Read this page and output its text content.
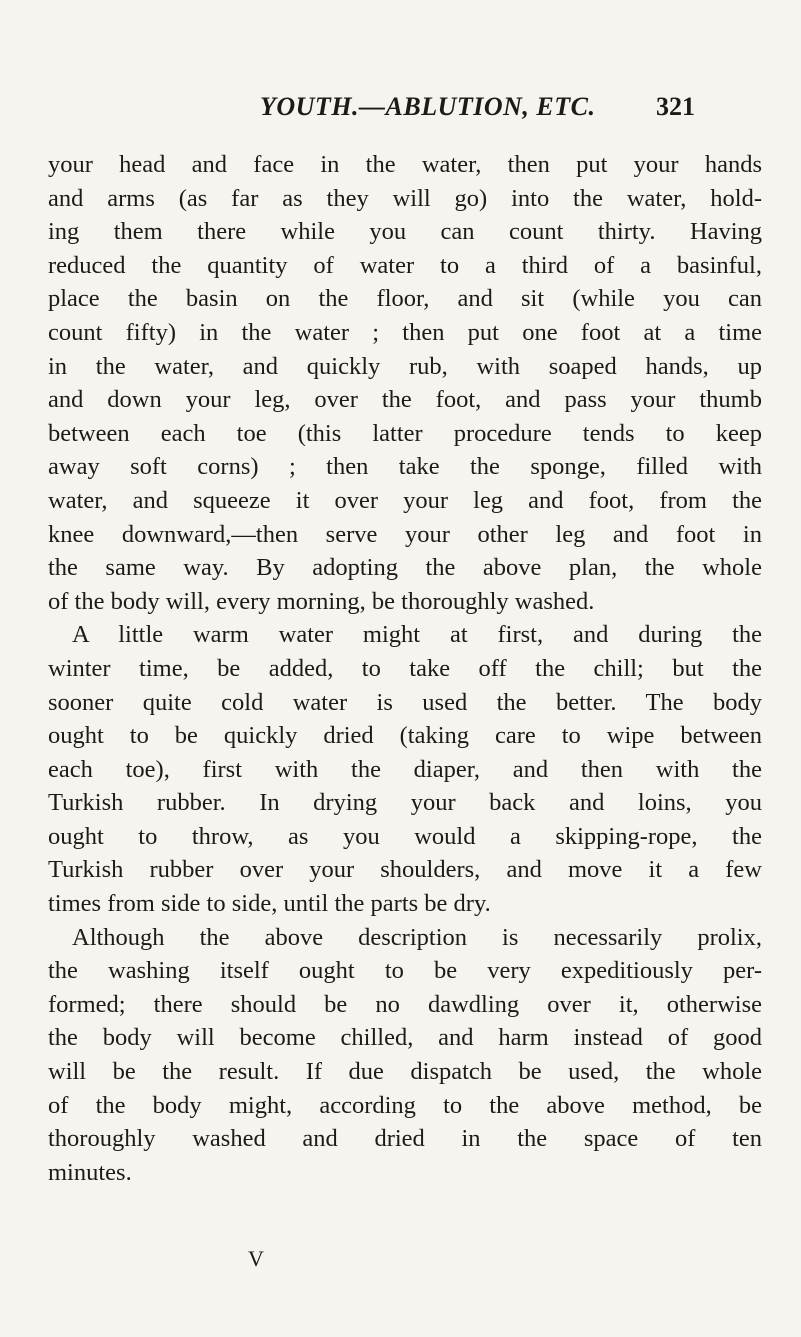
YOUTH.—ABLUTION, ETC. 321
your head and face in the water, then put your hands
and arms (as far as they will go) into the water, hold-
ing them there while you can count thirty. Having
reduced the quantity of water to a third of a basinful,
place the basin on the floor, and sit (while you can
count fifty) in the water ; then put one foot at a time
in the water, and quickly rub, with soaped hands, up
and down your leg, over the foot, and pass your thumb
between each toe (this latter procedure tends to keep
away soft corns) ; then take the sponge, filled with
water, and squeeze it over your leg and foot, from the
knee downward,—then serve your other leg and foot in
the same way. By adopting the above plan, the whole
of the body will, every morning, be thoroughly washed.
A little warm water might at first, and during the
winter time, be added, to take off the chill; but the
sooner quite cold water is used the better. The body
ought to be quickly dried (taking care to wipe between
each toe), first with the diaper, and then with the
Turkish rubber. In drying your back and loins, you
ought to throw, as you would a skipping-rope, the
Turkish rubber over your shoulders, and move it a few
times from side to side, until the parts be dry.
Although the above description is necessarily prolix,
the washing itself ought to be very expeditiously per-
formed; there should be no dawdling over it, otherwise
the body will become chilled, and harm instead of good
will be the result. If due dispatch be used, the whole
of the body might, according to the above method, be
thoroughly washed and dried in the space of ten
minutes.
V
